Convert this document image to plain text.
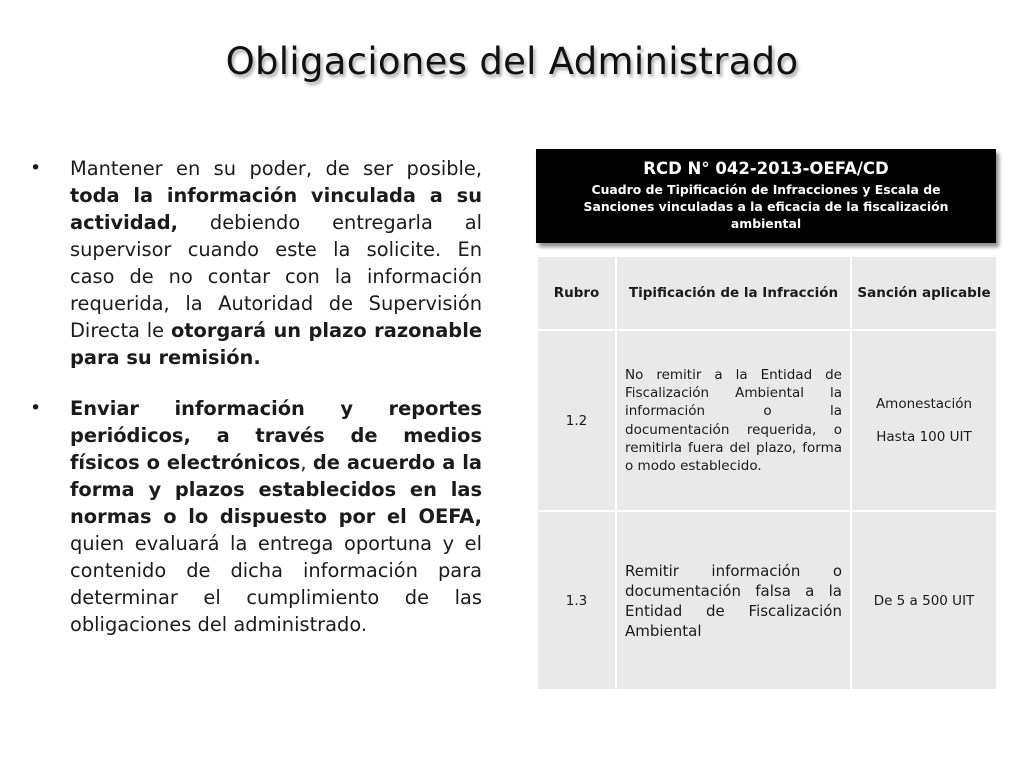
Obligaciones del Administrado
•	Mantener en su poder, de ser posible, toda la información vinculada a su actividad, debiendo entregarla al supervisor cuando este la solicite. En caso de no contar con la información requerida, la Autoridad de Supervisión Directa le otorgará un plazo razonable para su remisión.
•	Enviar información y reportes periódicos, a través de medios físicos o electrónicos, de acuerdo a la forma y plazos establecidos en las normas o lo dispuesto por el OEFA, quien evaluará la entrega oportuna y el contenido de dicha información para determinar el cumplimiento de las obligaciones del administrado.
RCD N° 042-2013-OEFA/CD
Cuadro de Tipificación de Infracciones y Escala de Sanciones vinculadas a la eficacia de la fiscalización ambiental
Rubro	Tipificación de la Infracción	Sanción aplicable
1.2	No remitir a la Entidad de Fiscalización Ambiental la información o la documentación requerida, o remitirla fuera del plazo, forma o modo establecido.	Amonestación
Hasta 100 UIT

1.3	Remitir información o documentación falsa a la Entidad de Fiscalización Ambiental	De 5 a 500 UIT
